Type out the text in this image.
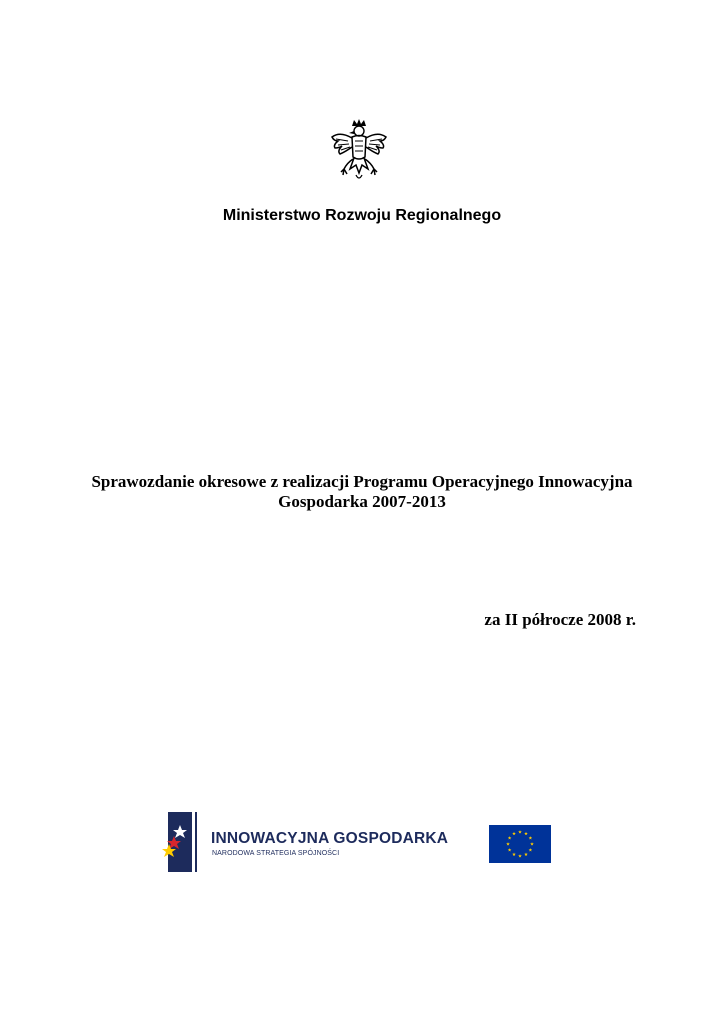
Ministerstwo Rozwoju Regionalnego
Sprawozdanie okresowe z realizacji Programu Operacyjnego Innowacyjna Gospodarka 2007-2013
za II półrocze 2008 r.
INNOWACYJNA GOSPODARKA
NARODOWA STRATEGIA SPÓJNOŚCI
